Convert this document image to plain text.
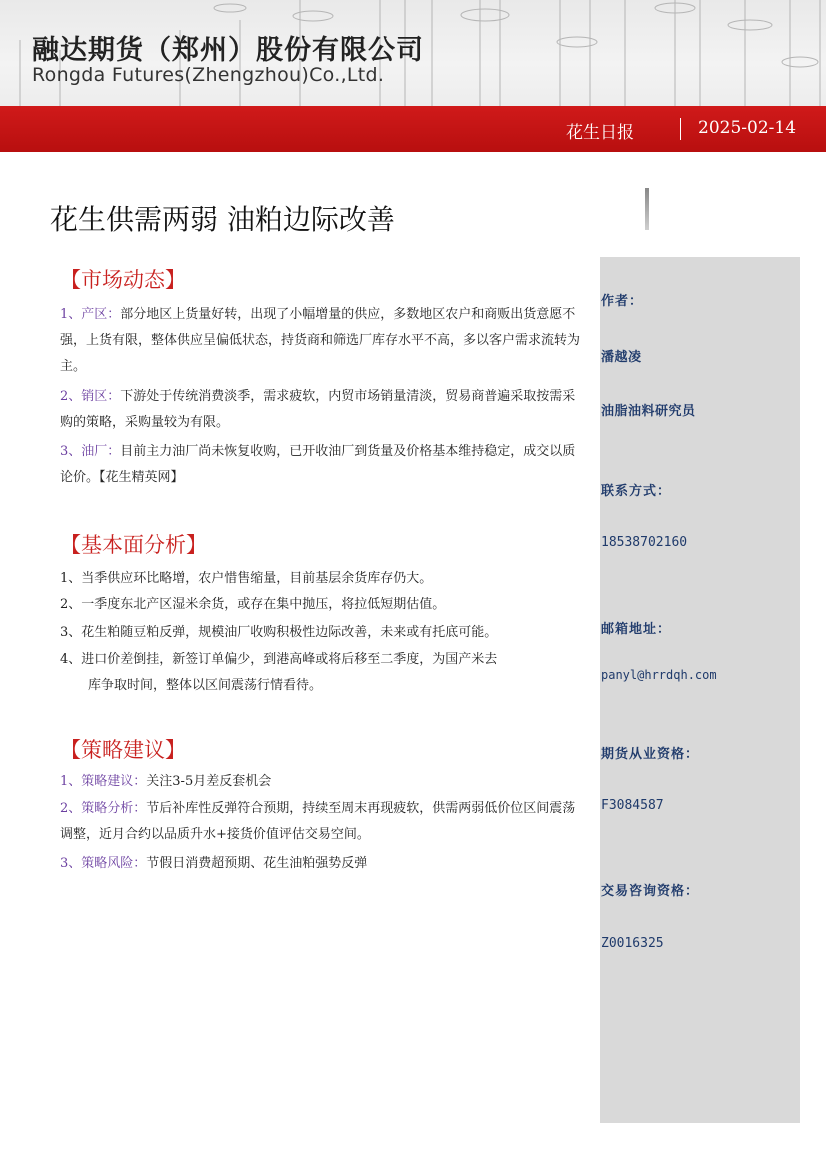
融达期货（郑州）股份有限公司
Rongda Futures(Zhengzhou)Co.,Ltd.
花生日报	2025-02-14
花生供需两弱 油粕边际改善
【市场动态】
1、产区：部分地区上货量好转，出现了小幅增量的供应，多数地区农户和商贩出货意愿不强，上货有限，整体供应呈偏低状态，持货商和筛选厂库存水平不高，多以客户需求流转为主。
2、销区：下游处于传统消费淡季，需求疲软，内贸市场销量清淡，贸易商普遍采取按需采购的策略，采购量较为有限。
3、油厂：目前主力油厂尚未恢复收购，已开收油厂到货量及价格基本维持稳定，成交以质论价。【花生精英网】
【基本面分析】
1、当季供应环比略增，农户惜售缩量，目前基层余货库存仍大。
2、一季度东北产区湿米余货，或存在集中抛压，将拉低短期估值。
3、花生粕随豆粕反弹，规模油厂收购积极性边际改善，未来或有托底可能。
4、进口价差倒挂，新签订单偏少，到港高峰或将后移至二季度，为国产米去
库争取时间，整体以区间震荡行情看待。
【策略建议】
1、策略建议：关注3-5月差反套机会
2、策略分析：节后补库性反弹符合预期，持续至周末再现疲软，供需两弱低价位区间震荡调整，近月合约以品质升水+接货价值评估交易空间。
3、策略风险：节假日消费超预期、花生油粕强势反弹
作者：
潘越凌
油脂油料研究员
联系方式：
18538702160
邮箱地址：
panyl@hrrdqh.com
期货从业资格：
F3084587
交易咨询资格：
Z0016325
